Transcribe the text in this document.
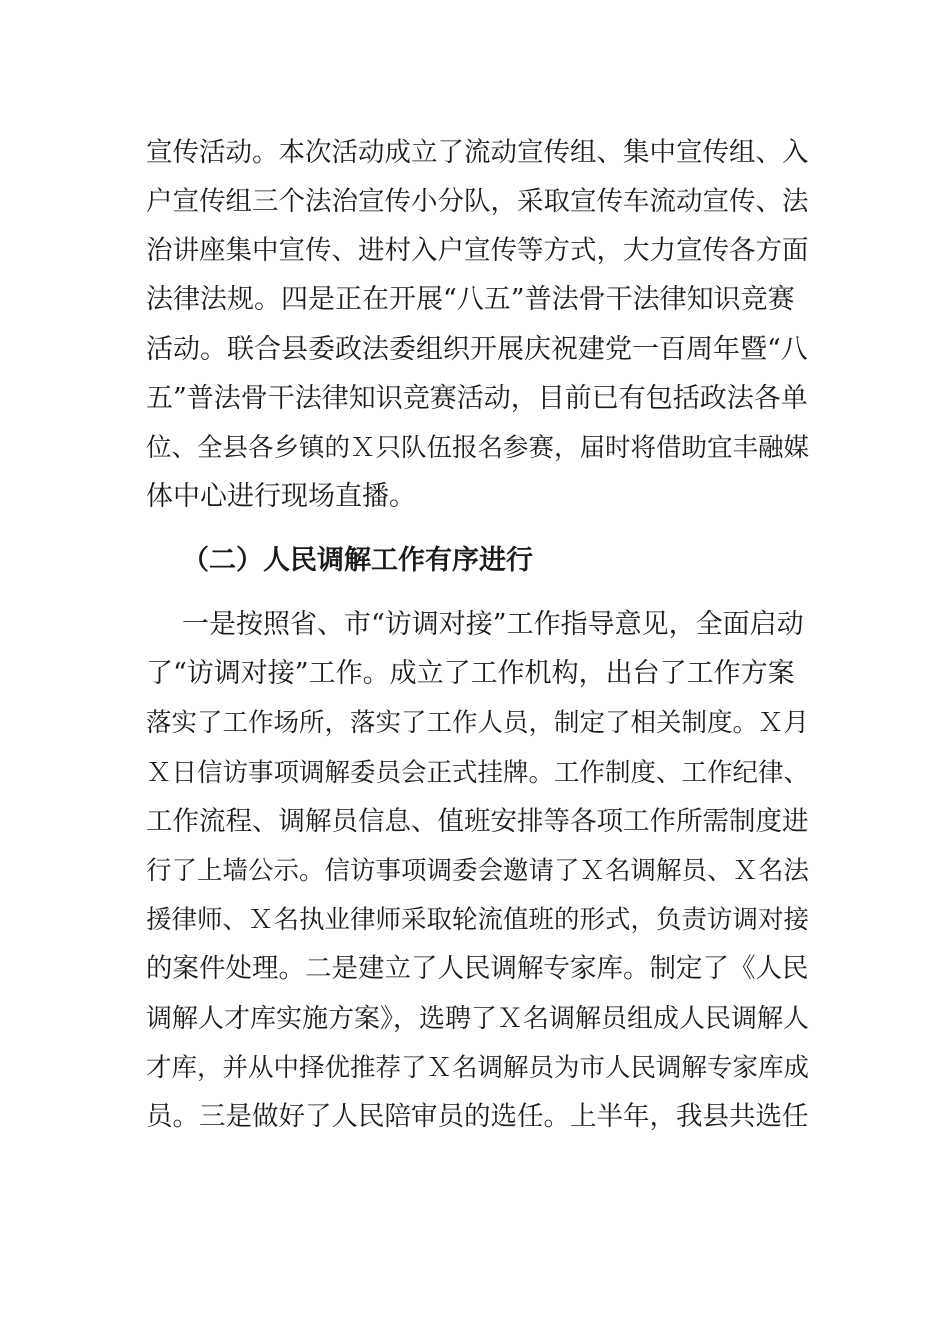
宣传活动。本次活动成立了流动宣传组、集中宣传组、入
户宣传组三个法治宣传小分队，采取宣传车流动宣传、法
治讲座集中宣传、进村入户宣传等方式，大力宣传各方面
法律法规。四是正在开展“八五”普法骨干法律知识竞赛
活动。联合县委政法委组织开展庆祝建党一百周年暨“八
五”普法骨干法律知识竞赛活动，目前已有包括政法各单
位、全县各乡镇的Ｘ只队伍报名参赛，届时将借助宜丰融媒
体中心进行现场直播。
（二）人民调解工作有序进行
一是按照省、市“访调对接”工作指导意见，全面启动
了“访调对接”工作。成立了工作机构，出台了工作方案
落实了工作场所，落实了工作人员，制定了相关制度。Ｘ月
Ｘ日信访事项调解委员会正式挂牌。工作制度、工作纪律、
工作流程、调解员信息、值班安排等各项工作所需制度进
行了上墙公示。信访事项调委会邀请了Ｘ名调解员、Ｘ名法
援律师、Ｘ名执业律师采取轮流值班的形式，负责访调对接
的案件处理。二是建立了人民调解专家库。制定了《人民
调解人才库实施方案》，选聘了Ｘ名调解员组成人民调解人
才库，并从中择优推荐了Ｘ名调解员为市人民调解专家库成
员。三是做好了人民陪审员的选任。上半年，我县共选任
